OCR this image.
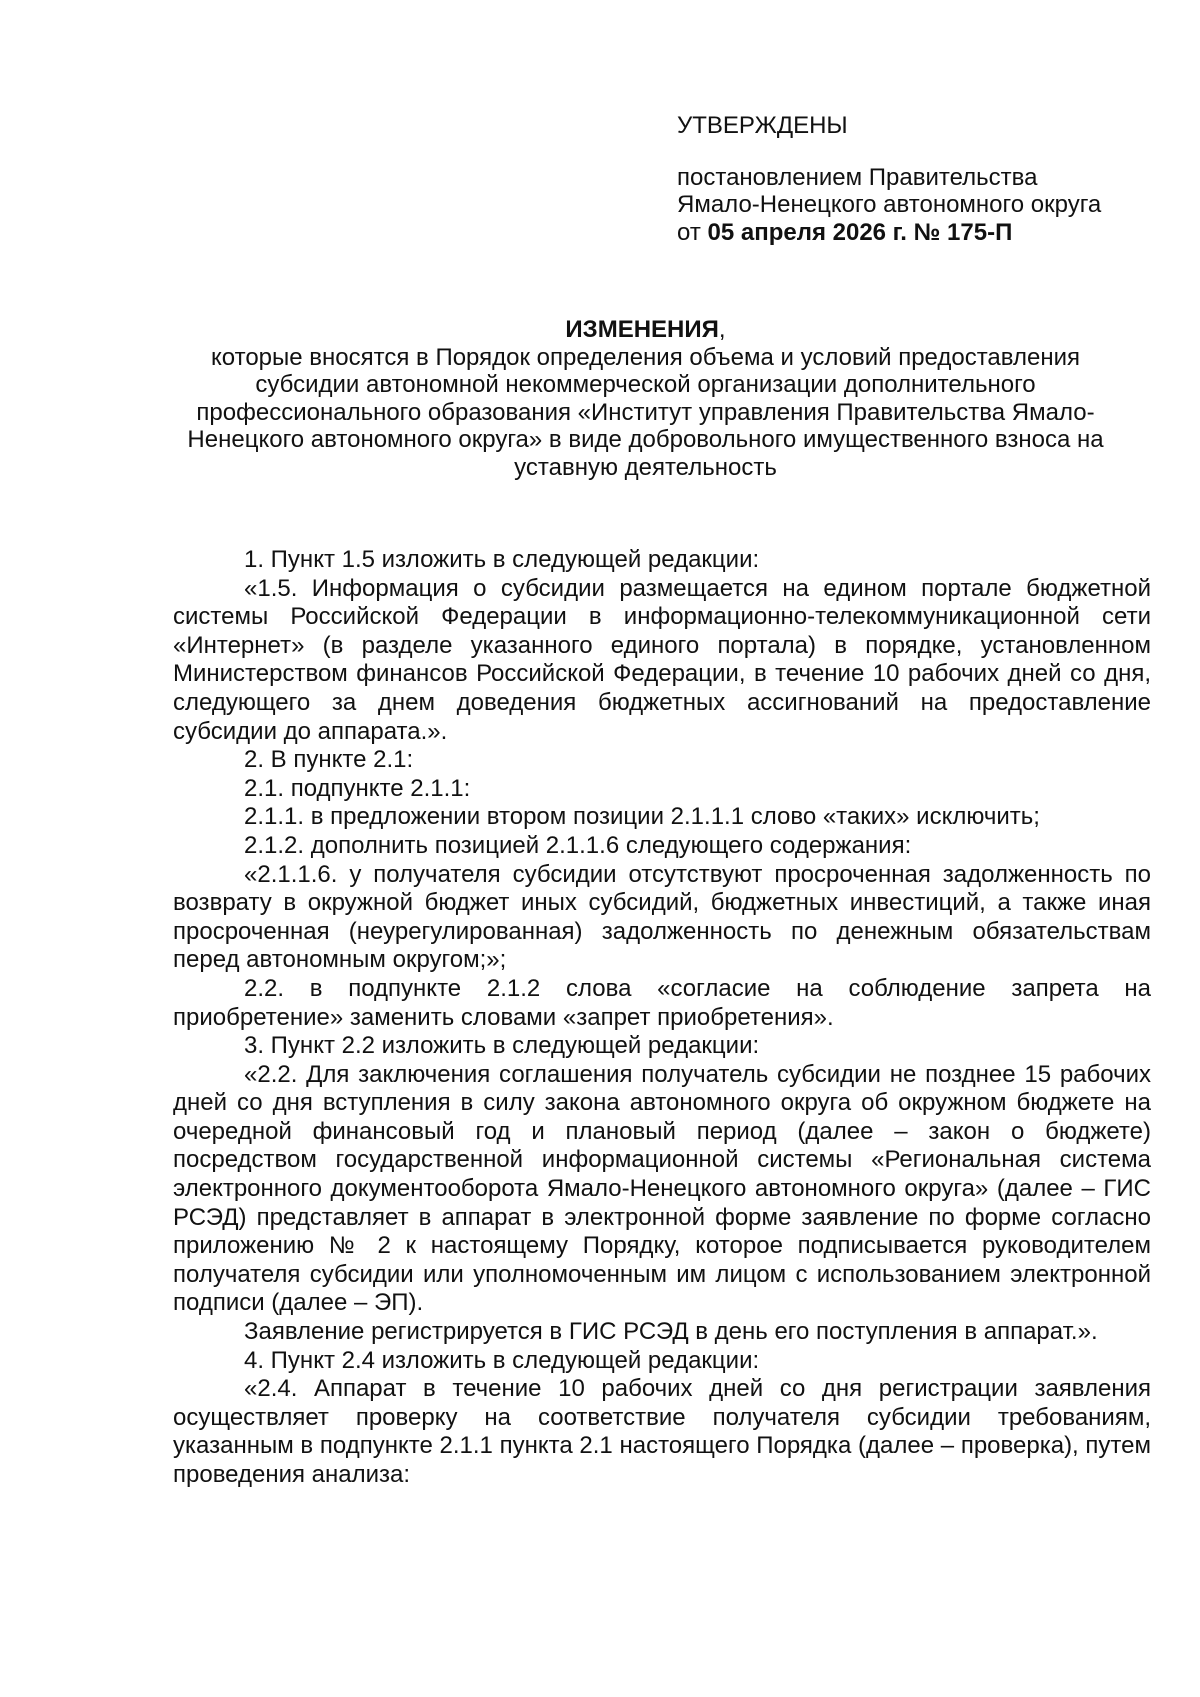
УТВЕРЖДЕНЫ
постановлением Правительства
Ямало-Ненецкого автономного округа
от 05 апреля 2026 г. № 175-П
ИЗМЕНЕНИЯ,
которые вносятся в Порядок определения объема и условий предоставления субсидии автономной некоммерческой организации дополнительного профессионального образования «Институт управления Правительства Ямало-Ненецкого автономного округа» в виде добровольного имущественного взноса на уставную деятельность

1. Пункт 1.5 изложить в следующей редакции:

«1.5. Информация о субсидии размещается на едином портале бюджетной системы Российской Федерации в информационно-телекоммуникационной сети «Интернет» (в разделе указанного единого портала) в порядке, установленном Министерством финансов Российской Федерации, в течение 10 рабочих дней со дня, следующего за днем доведения бюджетных ассигнований на предоставление субсидии до аппарата.».

2. В пункте 2.1:

2.1. подпункте 2.1.1:

2.1.1. в предложении втором позиции 2.1.1.1 слово «таких» исключить;

2.1.2. дополнить позицией 2.1.1.6 следующего содержания:

«2.1.1.6. у получателя субсидии отсутствуют просроченная задолженность по возврату в окружной бюджет иных субсидий, бюджетных инвестиций, а также иная просроченная (неурегулированная) задолженность по денежным обязательствам перед автономным округом;»;

2.2. в подпункте 2.1.2 слова «согласие на соблюдение запрета на приобретение» заменить словами «запрет приобретения».

3. Пункт 2.2 изложить в следующей редакции:

«2.2. Для заключения соглашения получатель субсидии не позднее 15 рабочих дней со дня вступления в силу закона автономного округа об окружном бюджете на очередной финансовый год и плановый период (далее – закон о бюджете) посредством государственной информационной системы «Региональная система электронного документооборота Ямало-Ненецкого автономного округа» (далее – ГИС РСЭД) представляет в аппарат в электронной форме заявление по форме согласно приложению № 2 к настоящему Порядку, которое подписывается руководителем получателя субсидии или уполномоченным им лицом с использованием электронной подписи (далее – ЭП).

Заявление регистрируется в ГИС РСЭД в день его поступления в аппарат.».

4. Пункт 2.4 изложить в следующей редакции:

«2.4. Аппарат в течение 10 рабочих дней со дня регистрации заявления осуществляет проверку на соответствие получателя субсидии требованиям, указанным в подпункте 2.1.1 пункта 2.1 настоящего Порядка (далее – проверка), путем проведения анализа:
